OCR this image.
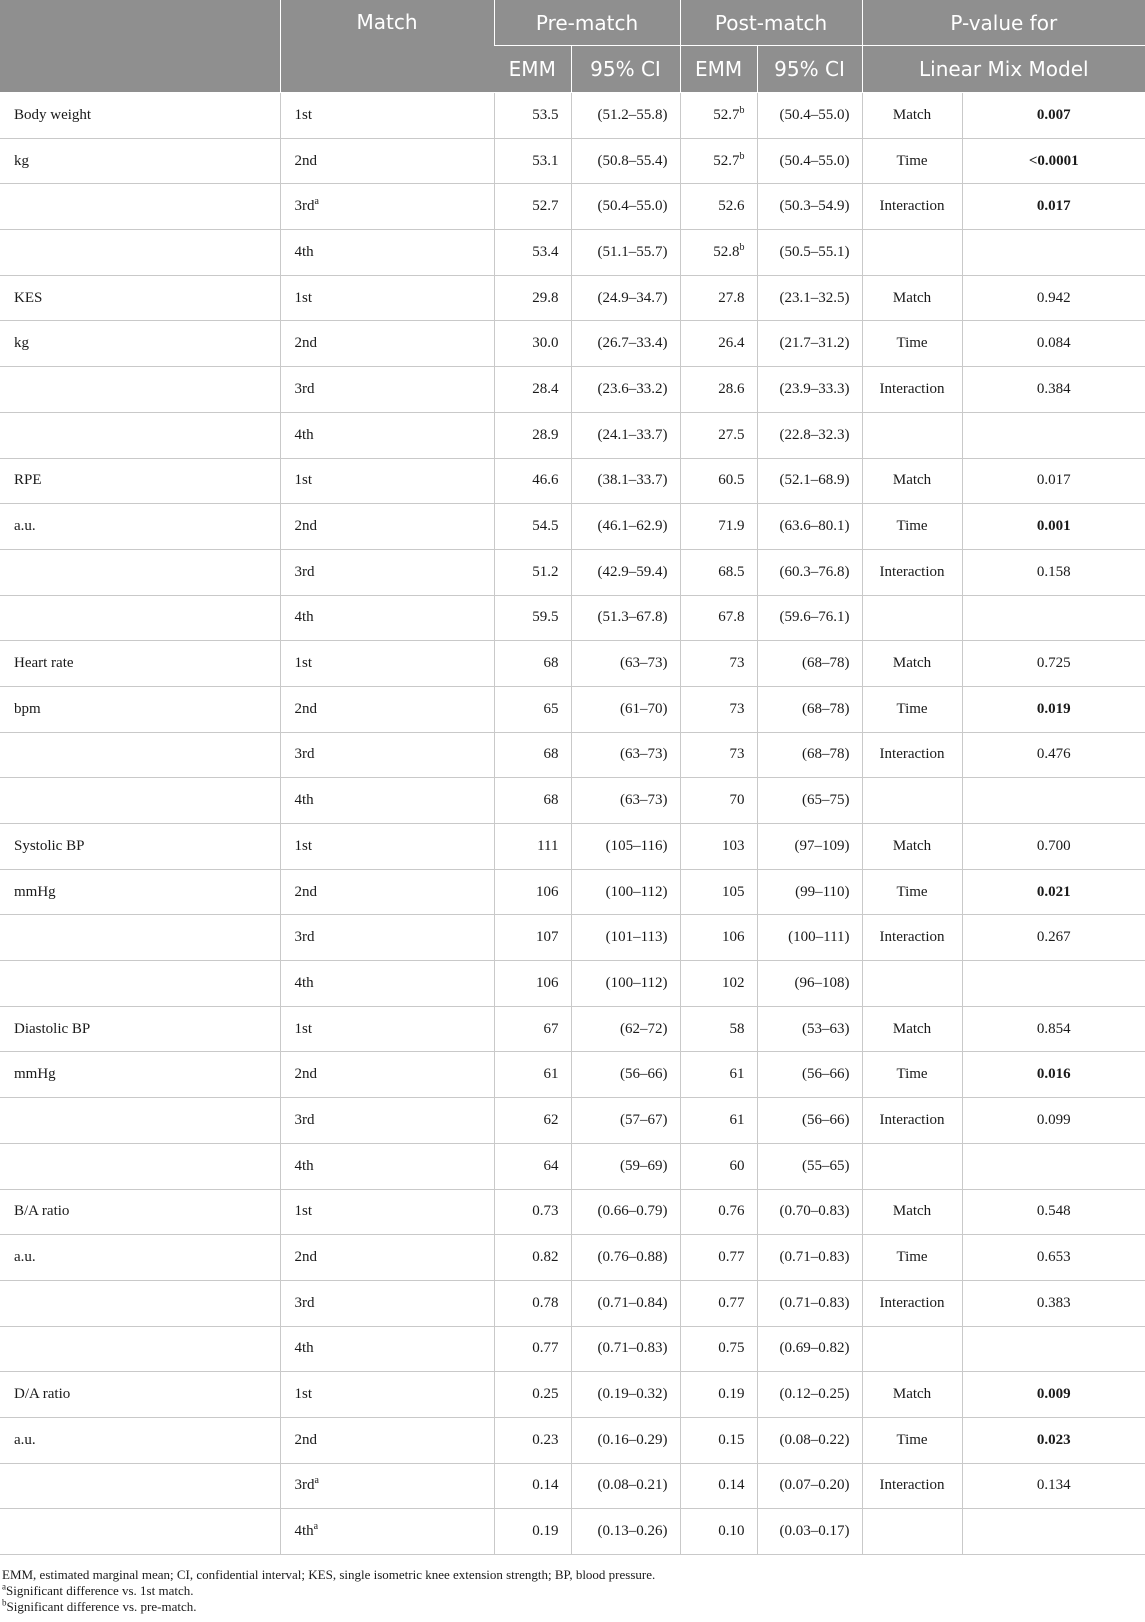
	Match	Pre-match		Post-match		P-value for	
		EMM	95% CI	EMM	95% CI	Linear Mix Model	
Body weight	1st	53.5	(51.2–55.8)	52.7$^b$	(50.4–55.0)	Match	0.007
kg	2nd	53.1	(50.8–55.4)	52.7$^b$	(50.4–55.0)	Time	<0.0001
	$3rd^a$	52.7	(50.4–55.0)	52.6	(50.3–54.9)	Interaction	0.017
	4th	53.4	(51.1–55.7)	52.8$^b$	(50.5–55.1)		
KES	1st	29.8	(24.9–34.7)	27.8	(23.1–32.5)	Match	0.942
kg	2nd	30.0	(26.7–33.4)	26.4	(21.7–31.2)	Time	0.084
	3rd	28.4	(23.6–33.2)	28.6	(23.9–33.3)	Interaction	0.384
	4th	28.9	(24.1–33.7)	27.5	(22.8–32.3)		
RPE	1st	46.6	(38.1–33.7)	60.5	(52.1–68.9)	Match	0.017
a.u.	2nd	54.5	(46.1–62.9)	71.9	(63.6–80.1)	Time	0.001
	3rd	51.2	(42.9–59.4)	68.5	(60.3–76.8)	Interaction	0.158
	4th	59.5	(51.3–67.8)	67.8	(59.6–76.1)		
Heart rate	1st	68	(63–73)	73	(68–78)	Match	0.725
bpm	2nd	65	(61–70)	73	(68–78)	Time	0.019
	3rd	68	(63–73)	73	(68–78)	Interaction	0.476
	4th	68	(63–73)	70	(65–75)		
Systolic BP	1st	111	(105–116)	103	(97–109)	Match	0.700
mmHg	2nd	106	(100–112)	105	(99–110)	Time	0.021
	3rd	107	(101–113)	106	(100–111)	Interaction	0.267
	4th	106	(100–112)	102	(96–108)		
Diastolic BP	1st	67	(62–72)	58	(53–63)	Match	0.854
mmHg	2nd	61	(56–66)	61	(56–66)	Time	0.016
	3rd	62	(57–67)	61	(56–66)	Interaction	0.099
	4th	64	(59–69)	60	(55–65)		
B/A ratio	1st	0.73	(0.66–0.79)	0.76	(0.70–0.83)	Match	0.548
a.u.	2nd	0.82	(0.76–0.88)	0.77	(0.71–0.83)	Time	0.653
	3rd	0.78	(0.71–0.84)	0.77	(0.71–0.83)	Interaction	0.383
	4th	0.77	(0.71–0.83)	0.75	(0.69–0.82)		
D/A ratio	1st	0.25	(0.19–0.32)	0.19	(0.12–0.25)	Match	0.009
a.u.	2nd	0.23	(0.16–0.29)	0.15	(0.08–0.22)	Time	0.023
	$3rd^a$	0.14	(0.08–0.21)	0.14	(0.07–0.20)	Interaction	0.134
	$4th^a$	0.19	(0.13–0.26)	0.10	(0.03–0.17)		
EMM, estimated marginal mean; CI, confidential interval; KES, single isometric knee extension strength; BP, blood pressure.
$^a$Significant difference vs. 1st match.
$^b$Significant difference vs. pre-match.
